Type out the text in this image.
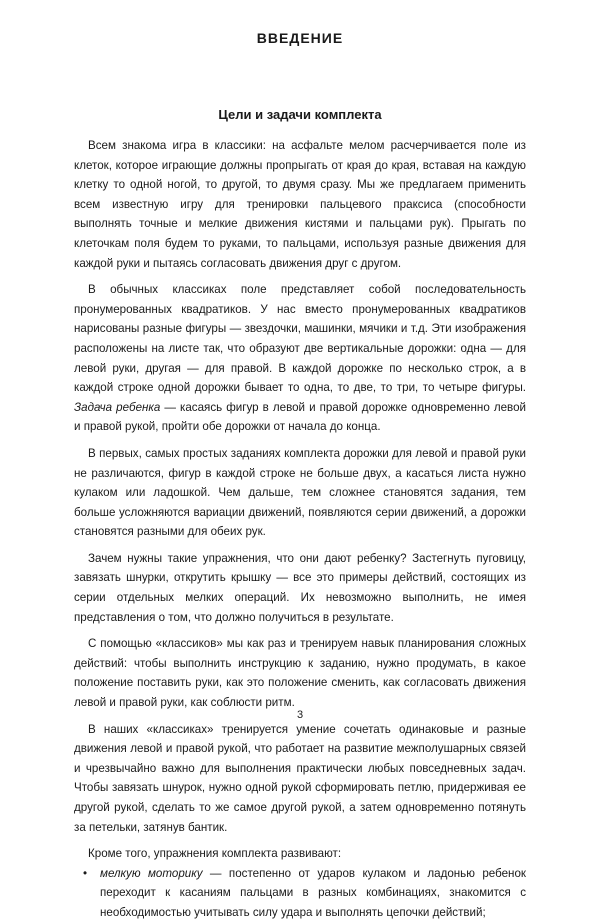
ВВЕДЕНИЕ
Цели и задачи комплекта

Всем знакома игра в классики: на асфальте мелом расчерчивается поле из клеток, которое играющие должны пропрыгать от края до края, вставая на каждую клетку то одной ногой, то другой, то двумя сразу. Мы же предлагаем применить всем известную игру для тренировки пальцевого праксиса (способности выполнять точные и мелкие движения кистями и пальцами рук). Прыгать по клеточкам поля будем то руками, то пальцами, используя разные движения для каждой руки и пытаясь согласовать движения друг с другом.

В обычных классиках поле представляет собой последовательность пронумерованных квадратиков. У нас вместо пронумерованных квадратиков нарисованы разные фигуры — звездочки, машинки, мячики и т.д. Эти изображения расположены на листе так, что образуют две вертикальные дорожки: одна — для левой руки, другая — для правой. В каждой дорожке по несколько строк, а в каждой строке одной дорожки бывает то одна, то две, то три, то четыре фигуры. Задача ребенка — касаясь фигур в левой и правой дорожке одновременно левой и правой рукой, пройти обе дорожки от начала до конца.

В первых, самых простых заданиях комплекта дорожки для левой и правой руки не различаются, фигур в каждой строке не больше двух, а касаться листа нужно кулаком или ладошкой. Чем дальше, тем сложнее становятся задания, тем больше усложняются вариации движений, появляются серии движений, а дорожки становятся разными для обеих рук.

Зачем нужны такие упражнения, что они дают ребенку? Застегнуть пуговицу, завязать шнурки, открутить крышку — все это примеры действий, состоящих из серии отдельных мелких операций. Их невозможно выполнить, не имея представления о том, что должно получиться в результате.

С помощью «классиков» мы как раз и тренируем навык планирования сложных действий: чтобы выполнить инструкцию к заданию, нужно продумать, в какое положение поставить руки, как это положение сменить, как согласовать движения левой и правой руки, как соблюсти ритм.

В наших «классиках» тренируется умение сочетать одинаковые и разные движения левой и правой рукой, что работает на развитие межполушарных связей и чрезвычайно важно для выполнения практически любых повседневных задач. Чтобы завязать шнурок, нужно одной рукой сформировать петлю, придерживая ее другой рукой, сделать то же самое другой рукой, а затем одновременно потянуть за петельки, затянув бантик.

Кроме того, упражнения комплекта развивают:

• мелкую моторику — постепенно от ударов кулаком и ладонью ребенок переходит к касаниям пальцами в разных комбинациях, знакомится с необходимостью учитывать силу удара и выполнять цепочки действий;
3
